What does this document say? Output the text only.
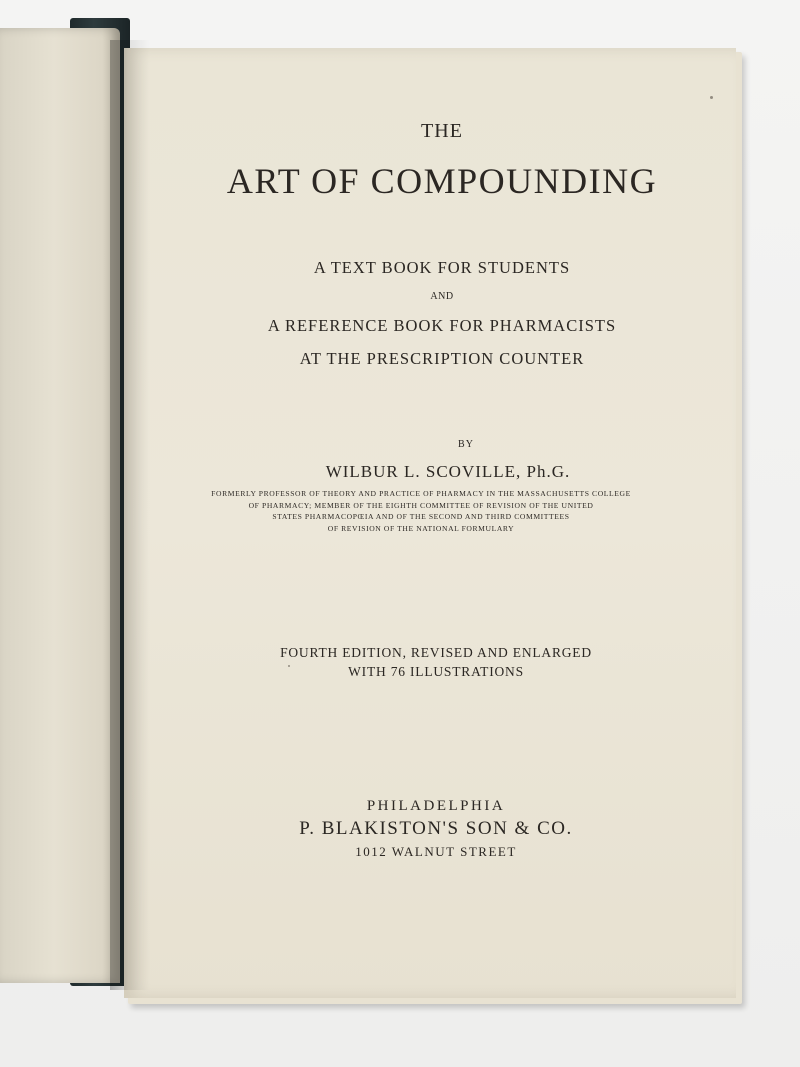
THE
ART OF COMPOUNDING
A TEXT BOOK FOR STUDENTS
AND
A REFERENCE BOOK FOR PHARMACISTS
AT THE PRESCRIPTION COUNTER
BY
WILBUR L. SCOVILLE, Ph.G.
FORMERLY PROFESSOR OF THEORY AND PRACTICE OF PHARMACY IN THE MASSACHUSETTS COLLEGE
OF PHARMACY; MEMBER OF THE EIGHTH COMMITTEE OF REVISION OF THE UNITED
STATES PHARMACOPŒIA AND OF THE SECOND AND THIRD COMMITTEES
OF REVISION OF THE NATIONAL FORMULARY
FOURTH EDITION, REVISED AND ENLARGED
WITH 76 ILLUSTRATIONS
PHILADELPHIA
P. BLAKISTON'S SON & CO.
1012 WALNUT STREET
